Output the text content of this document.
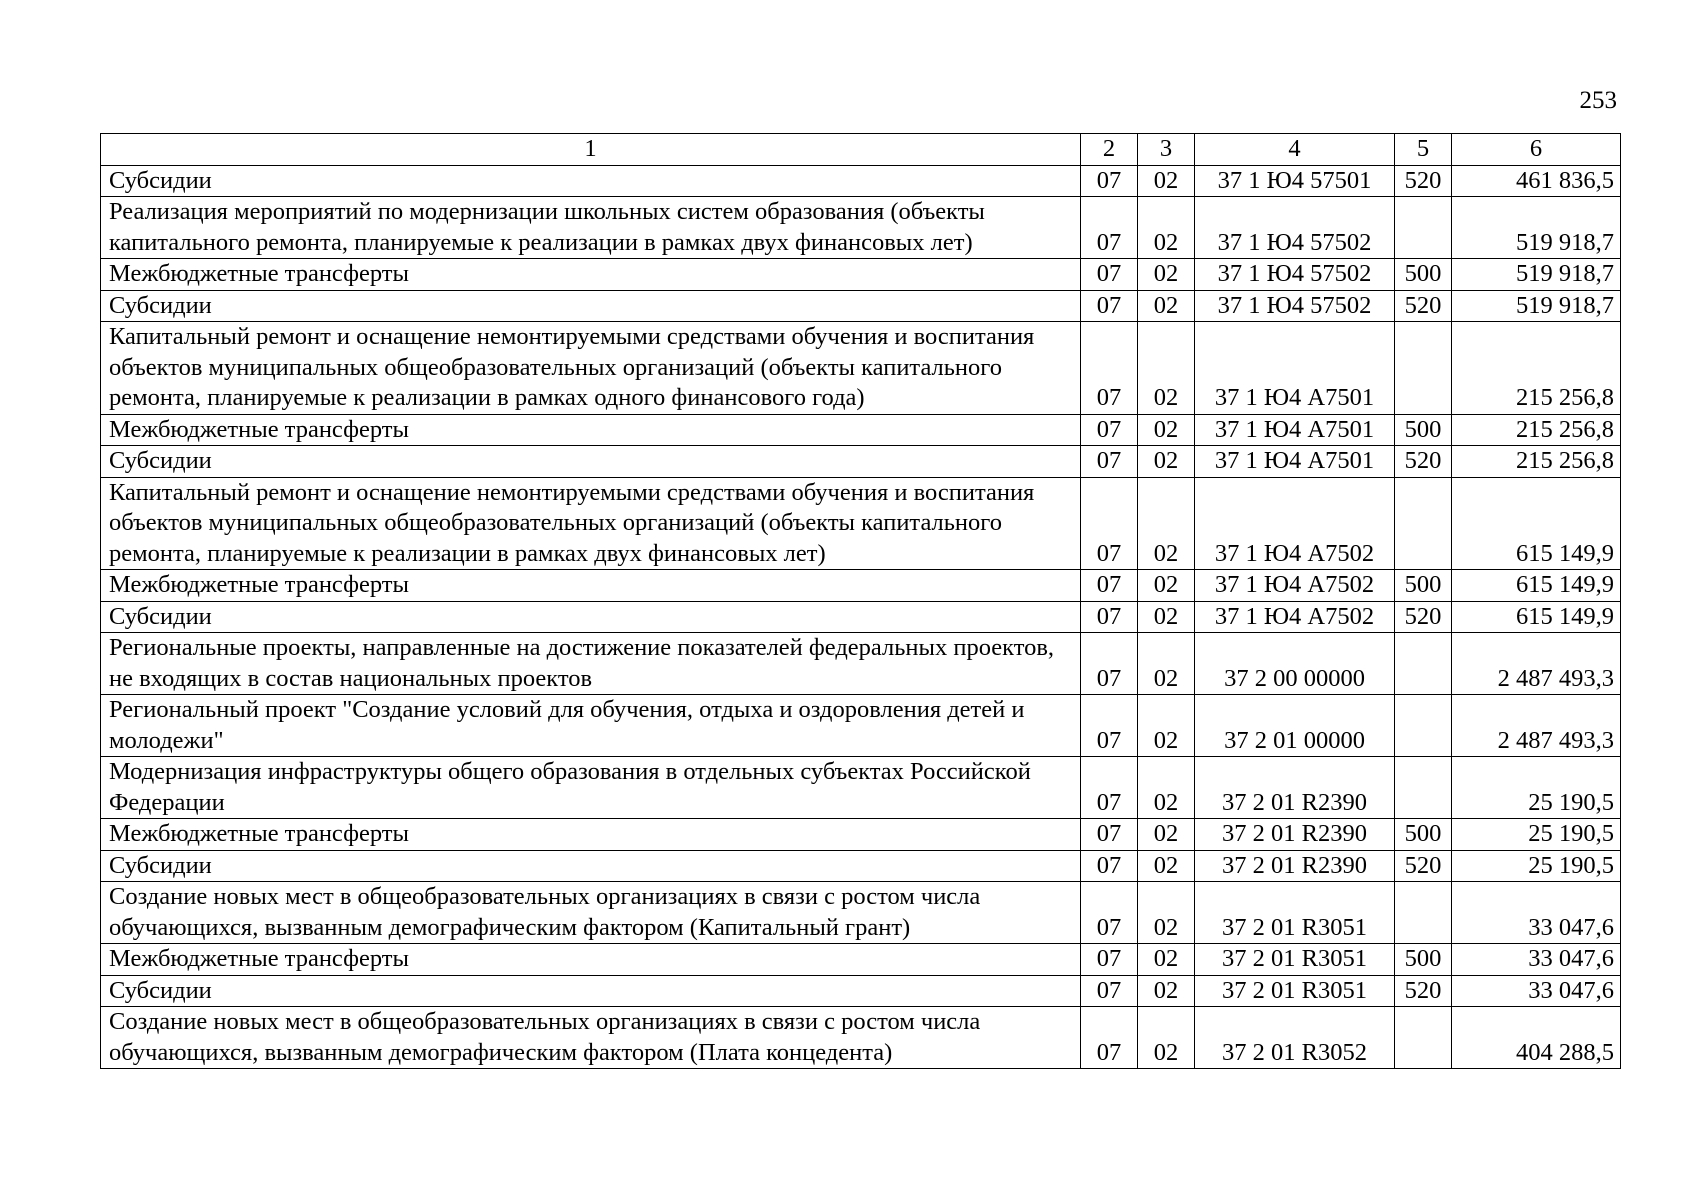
253
1	2	3	4	5	6
Субсидии	07	02	37 1 Ю4 57501	520	461 836,5
Реализация мероприятий по модернизации школьных систем образования (объекты капитального ремонта, планируемые к реализации в рамках двух финансовых лет)	07	02	37 1 Ю4 57502		519 918,7
Межбюджетные трансферты	07	02	37 1 Ю4 57502	500	519 918,7
Субсидии	07	02	37 1 Ю4 57502	520	519 918,7
Капитальный ремонт и оснащение немонтируемыми средствами обучения и воспитания объектов муниципальных общеобразовательных организаций (объекты капитального ремонта, планируемые к реализации в рамках одного финансового года)	07	02	37 1 Ю4 А7501		215 256,8
Межбюджетные трансферты	07	02	37 1 Ю4 А7501	500	215 256,8
Субсидии	07	02	37 1 Ю4 А7501	520	215 256,8
Капитальный ремонт и оснащение немонтируемыми средствами обучения и воспитания объектов муниципальных общеобразовательных организаций (объекты капитального ремонта, планируемые к реализации в рамках двух финансовых лет)	07	02	37 1 Ю4 А7502		615 149,9
Межбюджетные трансферты	07	02	37 1 Ю4 А7502	500	615 149,9
Субсидии	07	02	37 1 Ю4 А7502	520	615 149,9
Региональные проекты, направленные на достижение показателей федеральных проектов, не входящих в состав национальных проектов	07	02	37 2 00 00000		2 487 493,3
Региональный проект "Создание условий для обучения, отдыха и оздоровления детей и молодежи"	07	02	37 2 01 00000		2 487 493,3
Модернизация инфраструктуры общего образования в отдельных субъектах Российской Федерации	07	02	37 2 01 R2390		25 190,5
Межбюджетные трансферты	07	02	37 2 01 R2390	500	25 190,5
Субсидии	07	02	37 2 01 R2390	520	25 190,5
Создание новых мест в общеобразовательных организациях в связи с ростом числа обучающихся, вызванным демографическим фактором (Капитальный грант)	07	02	37 2 01 R3051		33 047,6
Межбюджетные трансферты	07	02	37 2 01 R3051	500	33 047,6
Субсидии	07	02	37 2 01 R3051	520	33 047,6
Создание новых мест в общеобразовательных организациях в связи с ростом числа обучающихся, вызванным демографическим фактором (Плата концедента)	07	02	37 2 01 R3052		404 288,5
